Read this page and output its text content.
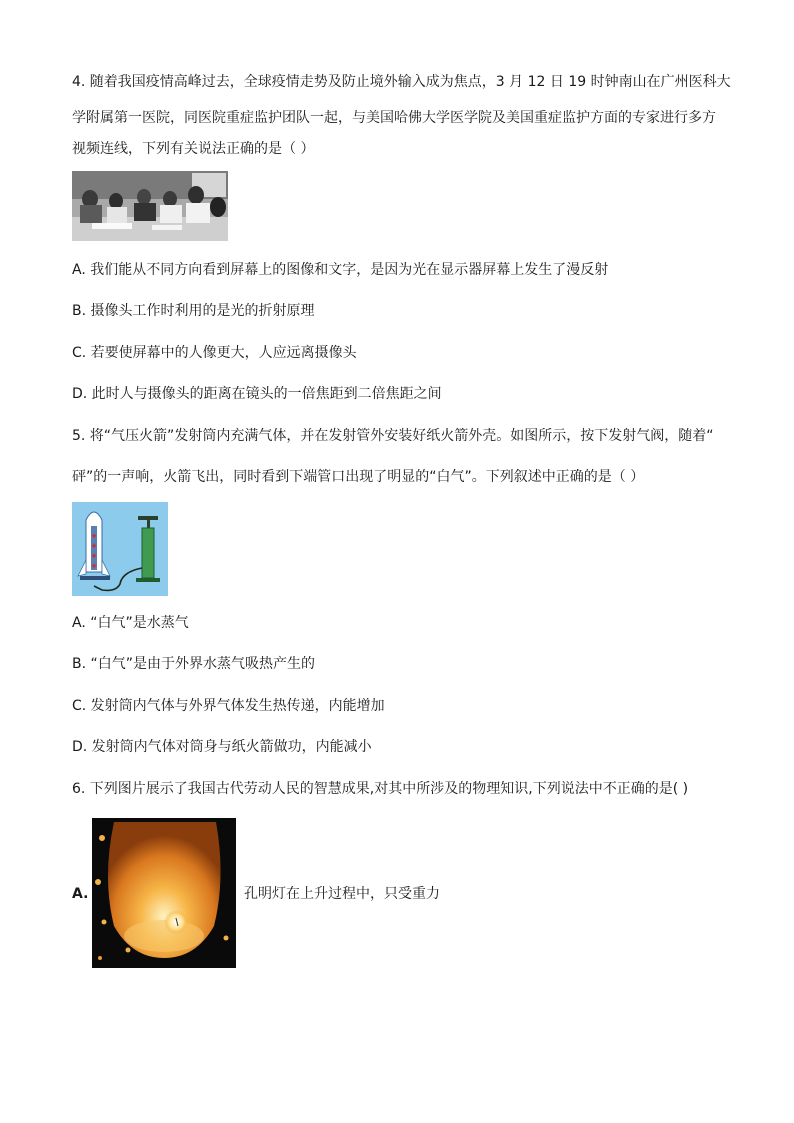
4. 随着我国疫情高峰过去，全球疫情走势及防止境外输入成为焦点，3 月 12 日 19 时钟南山在广州医科大
学附属第一医院，同医院重症监护团队一起，与美国哈佛大学医学院及美国重症监护方面的专家进行多方
视频连线，下列有关说法正确的是（ ）
A. 我们能从不同方向看到屏幕上的图像和文字，是因为光在显示器屏幕上发生了漫反射
B. 摄像头工作时利用的是光的折射原理
C. 若要使屏幕中的人像更大，人应远离摄像头
D. 此时人与摄像头的距离在镜头的一倍焦距到二倍焦距之间
5. 将“气压火箭”发射筒内充满气体，并在发射管外安装好纸火箭外壳。如图所示，按下发射气阀，随着“
砰”的一声响，火箭飞出，同时看到下端管口出现了明显的“白气”。下列叙述中正确的是（ ）
★
★
★
★
A. “白气”是水蒸气
B. “白气”是由于外界水蒸气吸热产生的
C. 发射筒内气体与外界气体发生热传递，内能增加
D. 发射筒内气体对筒身与纸火箭做功，内能减小
6. 下列图片展示了我国古代劳动人民的智慧成果,对其中所涉及的物理知识,下列说法中不正确的是( )
A.	孔明灯在上升过程中，只受重力
